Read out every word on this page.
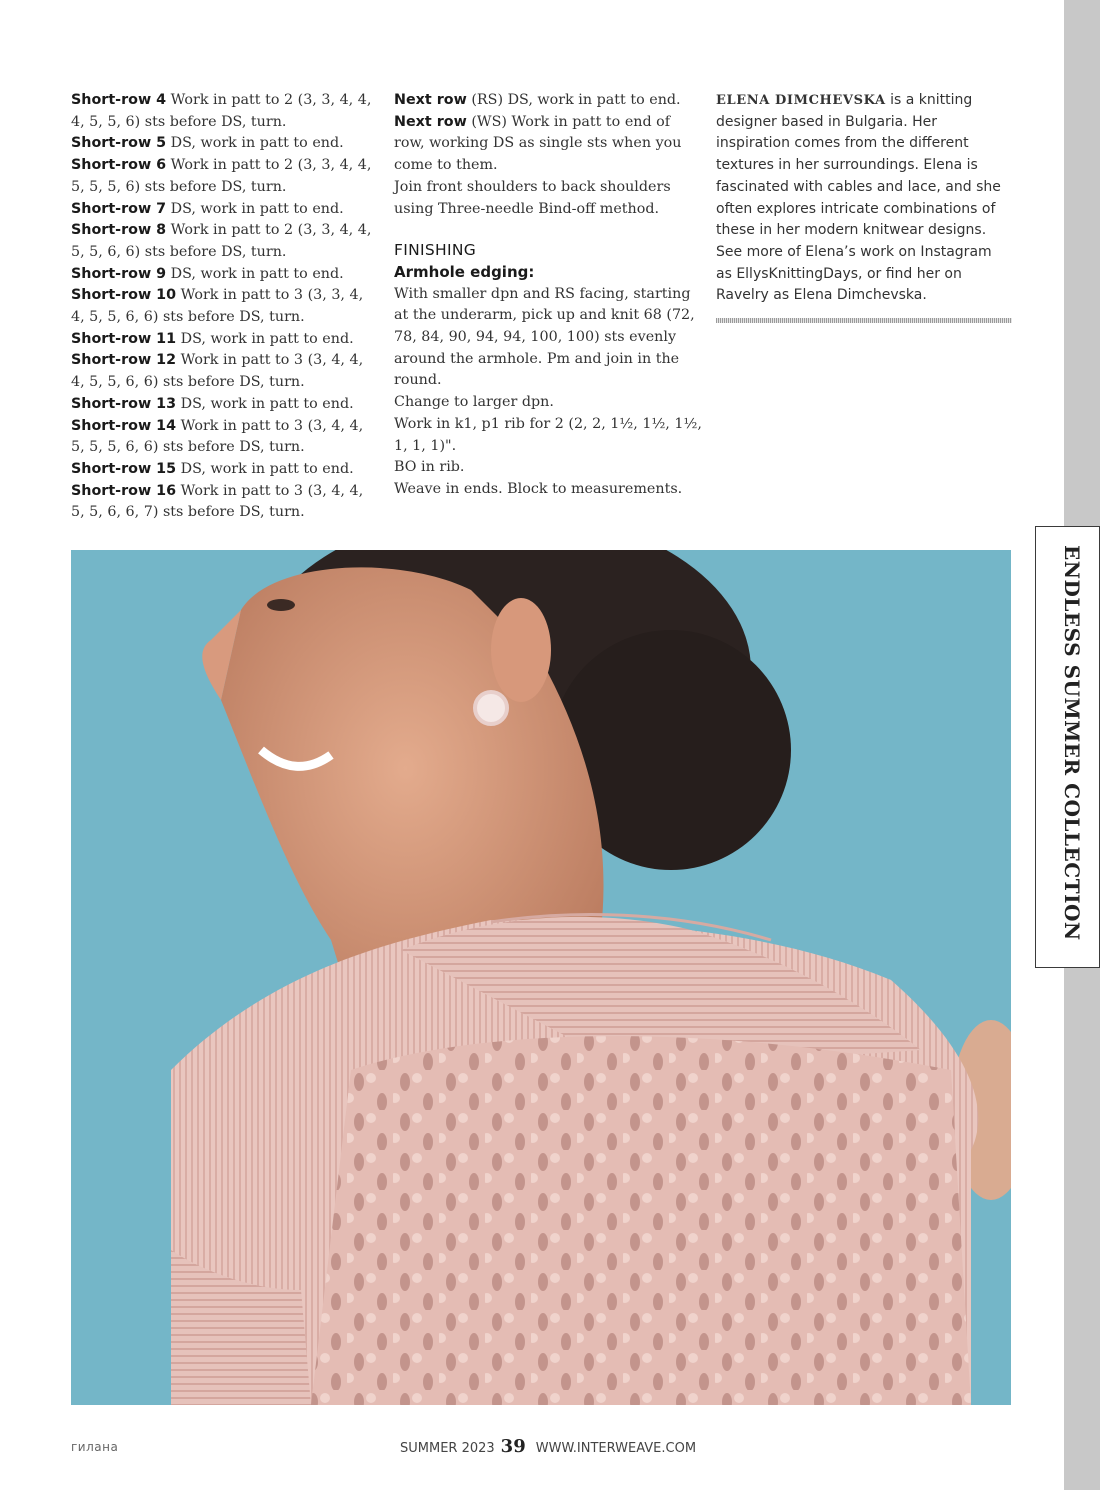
ENDLESS SUMMER COLLECTION
Short-row 4 Work in patt to 2 (3, 3, 4, 4,
4, 5, 5, 6) sts before DS, turn.
Short-row 5 DS, work in patt to end.
Short-row 6 Work in patt to 2 (3, 3, 4, 4,
5, 5, 5, 6) sts before DS, turn.
Short-row 7 DS, work in patt to end.
Short-row 8 Work in patt to 2 (3, 3, 4, 4,
5, 5, 6, 6) sts before DS, turn.
Short-row 9 DS, work in patt to end.
Short-row 10 Work in patt to 3 (3, 3, 4,
4, 5, 5, 6, 6) sts before DS, turn.
Short-row 11 DS, work in patt to end.
Short-row 12 Work in patt to 3 (3, 4, 4,
4, 5, 5, 6, 6) sts before DS, turn.
Short-row 13 DS, work in patt to end.
Short-row 14 Work in patt to 3 (3, 4, 4,
5, 5, 5, 6, 6) sts before DS, turn.
Short-row 15 DS, work in patt to end.
Short-row 16 Work in patt to 3 (3, 4, 4,
5, 5, 6, 6, 7) sts before DS, turn.
Next row (RS) DS, work in patt to end.
Next row (WS) Work in patt to end of
row, working DS as single sts when you
come to them.
Join front shoulders to back shoulders
using Three-needle Bind-off method.
FINISHING
Armhole edging:
With smaller dpn and RS facing, starting
at the underarm, pick up and knit 68 (72,
78, 84, 90, 94, 94, 100, 100) sts evenly
around the armhole. Pm and join in the
round.
Change to larger dpn.
Work in k1, p1 rib for 2 (2, 2, 1½, 1½, 1½,
1, 1, 1)".
BO in rib.
Weave in ends. Block to measurements.
ELENA DIMCHEVSKA is a knitting
designer based in Bulgaria. Her
inspiration comes from the different
textures in her surroundings. Elena is
fascinated with cables and lace, and she
often explores intricate combinations of
these in her modern knitwear designs.
See more of Elena’s work on Instagram
as EllysKnittingDays, or find her on
Ravelry as Elena Dimchevska.
гилана	SUMMER 2023 39 WWW.INTERWEAVE.COM
